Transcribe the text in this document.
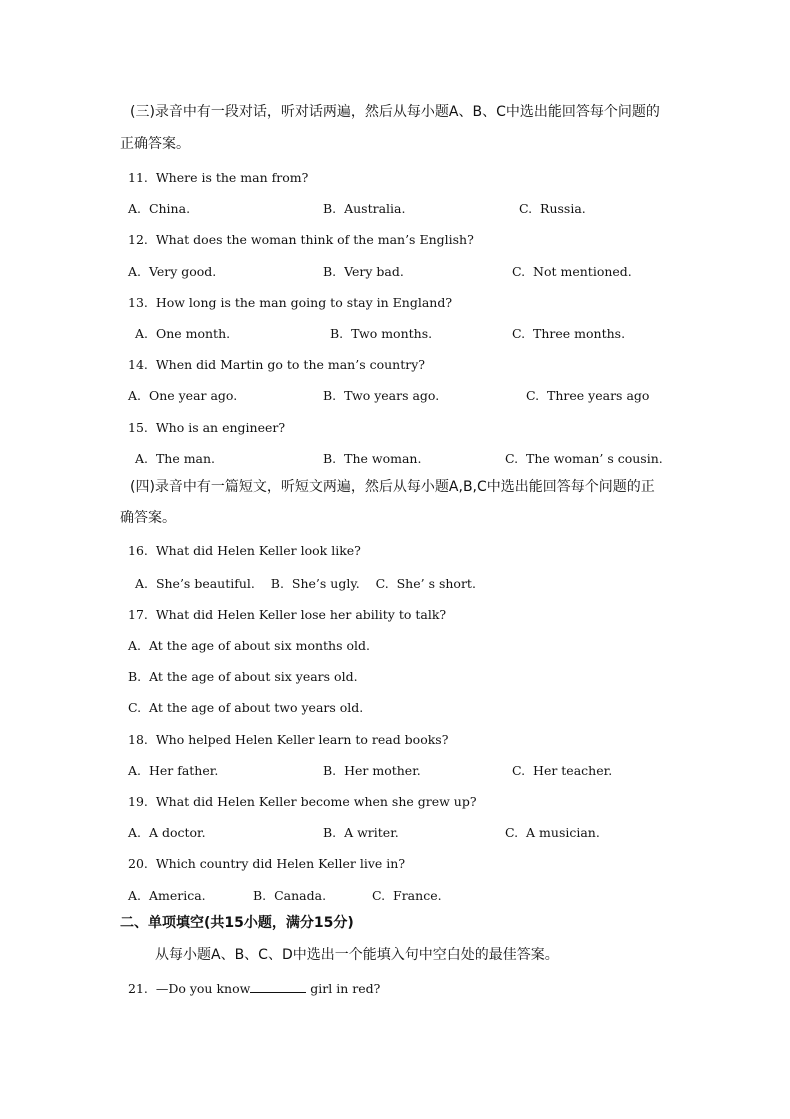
(三)录音中有一段对话，听对话两遍，然后从每小题A、B、C中选出能回答每个问题的
正确答案。
11.  Where is the man from?
A.  China.	B.  Australia.	C.  Russia.
12.  What does the woman think of the man’s English?
A.  Very good.	B.  Very bad.	C.  Not mentioned.
13.  How long is the man going to stay in England?
A.  One month.	B.  Two months.	C.  Three months.
14.  When did Martin go to the man’s country?
A.  One year ago.	B.  Two years ago.	C.  Three years ago
15.  Who is an engineer?
A.  The man.	B.  The woman.	C.  The woman’ s cousin.
(四)录音中有一篇短文，听短文两遍，然后从每小题A,B,C中选出能回答每个问题的正
确答案。
16.  What did Helen Keller look like?
A.  She’s beautiful.    B.  She’s ugly.    C.  She’ s short.
17.  What did Helen Keller lose her ability to talk?
A.  At the age of about six months old.
B.  At the age of about six years old.
C.  At the age of about two years old.
18.  Who helped Helen Keller learn to read books?
A.  Her father.	B.  Her mother.	C.  Her teacher.
19.  What did Helen Keller become when she grew up?
A.  A doctor.	B.  A writer.	C.  A musician.
20.  Which country did Helen Keller live in?
A.  America.	B.  Canada.	C.  France.
二、单项填空(共15小题，满分15分)
从每小题A、B、C、D中选出一个能填入句中空白处的最佳答案。
21.  —Do you know	girl in red?
